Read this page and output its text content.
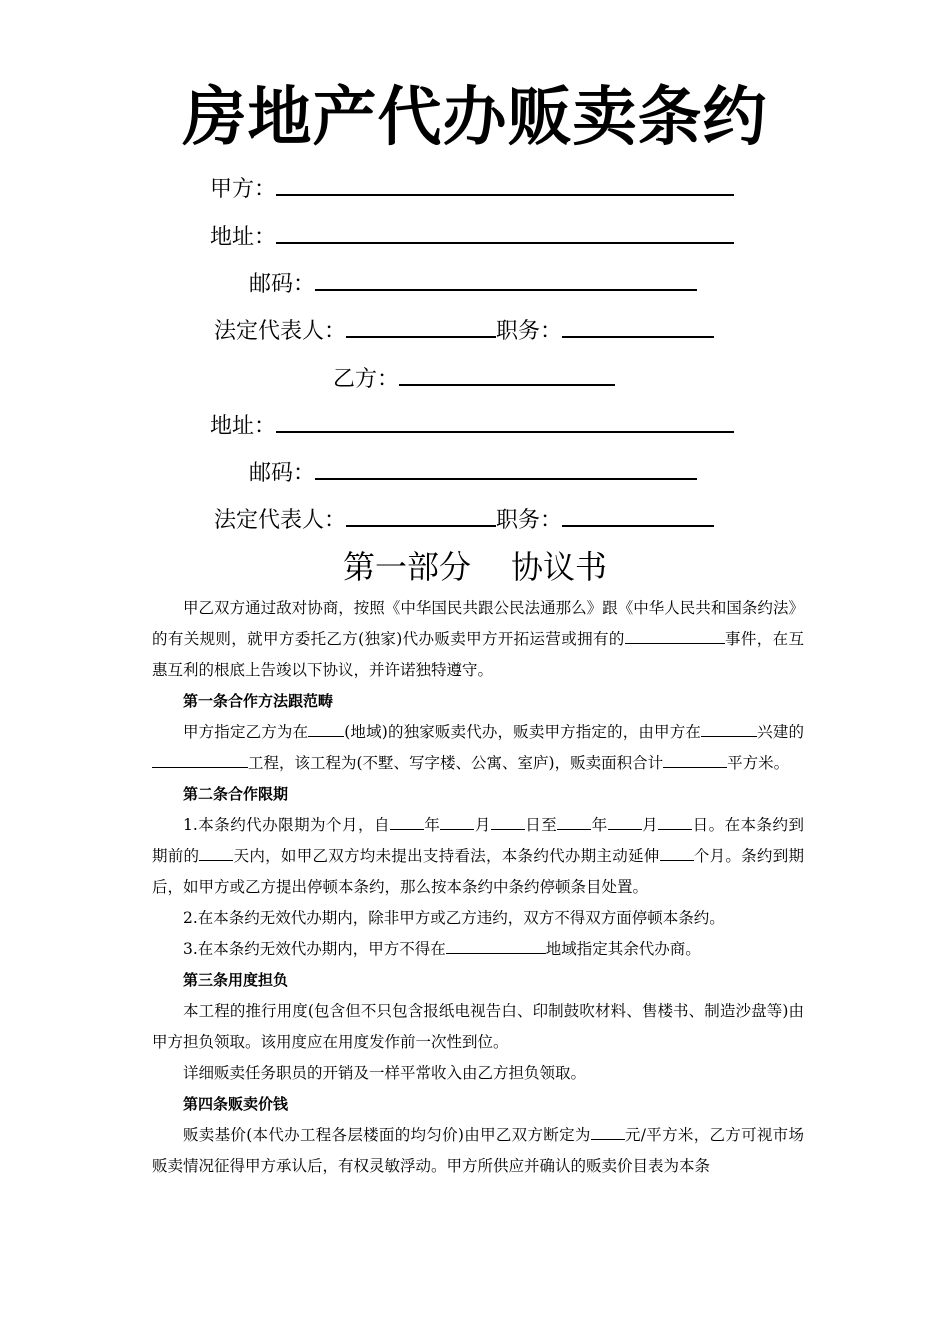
房地产代办贩卖条约
甲方：
地址：
邮码：
法定代表人：	职务：
乙方：
地址：
邮码：
法定代表人：	职务：
第一部分 协议书

甲乙双方通过敌对协商，按照《中华国民共跟公民法通那么》跟《中华人民共和国条约法》的有关规则，就甲方委托乙方(独家)代办贩卖甲方开拓运营或拥有的	事件，在互惠互利的根底上告竣以下协议，并许诺独特遵守。

第一条合作方法跟范畴

甲方指定乙方为在 (地域)的独家贩卖代办，贩卖甲方指定的，由甲方在	兴建的工程，该工程为(不墅、写字楼、公寓、室庐)，贩卖面积合计	平方米。

第二条合作限期

1.本条约代办限期为个月，自 年 月 日至 年 月 日。在本条约到期前的 天内，如甲乙双方均未提出支持看法，本条约代办期主动延伸 个月。条约到期后，如甲方或乙方提出停顿本条约，那么按本条约中条约停顿条目处置。

2.在本条约无效代办期内，除非甲方或乙方违约，双方不得双方面停顿本条约。

3.在本条约无效代办期内，甲方不得在	地域指定其余代办商。

第三条用度担负

本工程的推行用度(包含但不只包含报纸电视告白、印制鼓吹材料、售楼书、制造沙盘等)由甲方担负领取。该用度应在用度发作前一次性到位。

详细贩卖任务职员的开销及一样平常收入由乙方担负领取。

第四条贩卖价钱

贩卖基价(本代办工程各层楼面的均匀价)由甲乙双方断定为 元/平方米，乙方可视市场贩卖情况征得甲方承认后，有权灵敏浮动。甲方所供应并确认的贩卖价目表为本条
